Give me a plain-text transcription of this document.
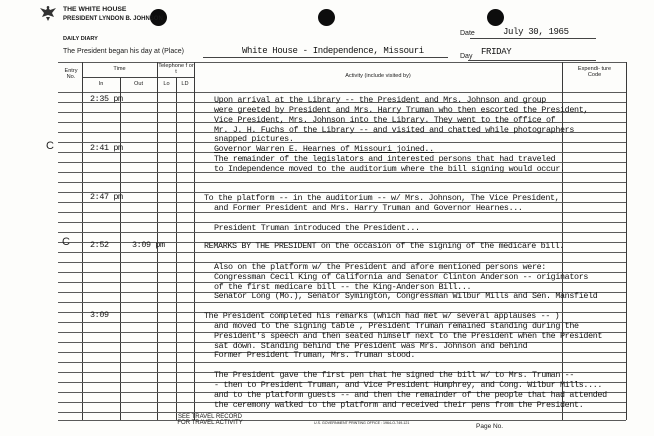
THE WHITE HOUSE
PRESIDENT LYNDON B. JOHNSON
DAILY DIARY
The President began his day at (Place)	White House - Independence, Missouri
Date	July 30, 1965
Day FRIDAY
Entry No.
Time
In	Out
Telephone f or t
Lo	LD
Activity (include visited by)
Expendi- ture Code
C
C
2:35 pm	Upon arrival at the Library -- the President and Mrs. Johnson and group
were greeted by President and Mrs. Harry Truman who then escorted the President,
Vice President, Mrs. Johnson into the Library. They went to the office of
Mr. J. H. Fuchs of the Library -- and visited and chatted while photographers
snapped pictures.
2:41 pm	Governor Warren E. Hearnes of Missouri joined..
The remainder of the legislators and interested persons that had traveled
to Independence moved to the auditorium where the bill signing would occur.
2:47 pm	To the platform -- in the auditorium -- w/ Mrs. Johnson, The Vice President,
and Former President and Mrs. Harry Truman and Governor Hearnes...
President Truman introduced the President...
2:52	3:09 pm	REMARKS BY THE PRESIDENT on the occasion of the signing of the medicare bill.
Also on the platform w/ the President and afore mentioned persons were:
Congressman Cecil King of California and Senator Clinton Anderson -- originators
of the first medicare bill -- the King-Anderson Bill...
Senator Long (Mo.), Senator Symington, Congressman Wilbur Mills and Sen. Mansfield
3:09	The President completed his remarks (which had met w/ several applauses -- )
and moved to the signing table , President Truman remained standing during the
President's speech and then seated himself next to the President when the President
sat down. Standing behind the President was Mrs. Johnson and behind
Former President Truman, Mrs. Truman stood.
The President gave the first pen that he signed the bill w/ to Mrs. Truman --
- then to President Truman, and Vice President Humphrey, and Cong. Wilbur Mills....
and to the platform guests -- and then the remainder of the people that had attended
the ceremony walked to the platform and received their pens from the President.
SEE TRAVEL RECORD FOR TRAVEL ACTIVITY	U.S. GOVERNMENT PRINTING OFFICE : 1964-O-749-121	Page No.
